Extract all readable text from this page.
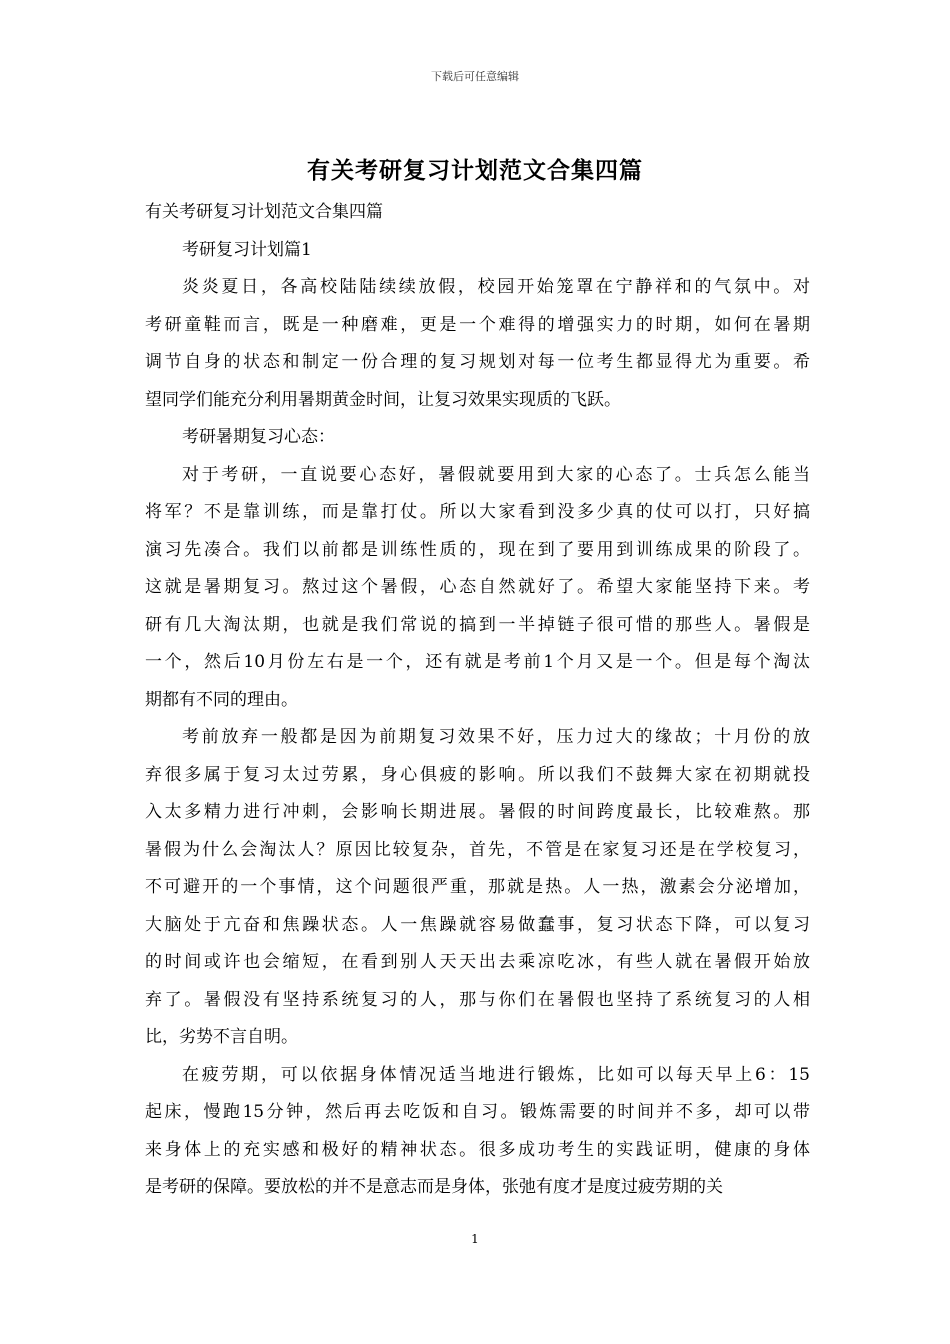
下载后可任意编辑
有关考研复习计划范文合集四篇

有关考研复习计划范文合集四篇

考研复习计划篇1

炎炎夏日，各高校陆陆续续放假，校园开始笼罩在宁静祥和的气氛中。对
考研童鞋而言，既是一种磨难，更是一个难得的增强实力的时期，如何在暑期
调节自身的状态和制定一份合理的复习规划对每一位考生都显得尤为重要。希
望同学们能充分利用暑期黄金时间，让复习效果实现质的飞跃。

考研暑期复习心态：

对于考研，一直说要心态好，暑假就要用到大家的心态了。士兵怎么能当
将军？不是靠训练，而是靠打仗。所以大家看到没多少真的仗可以打，只好搞
演习先凑合。我们以前都是训练性质的，现在到了要用到训练成果的阶段了。
这就是暑期复习。熬过这个暑假，心态自然就好了。希望大家能坚持下来。考
研有几大淘汰期，也就是我们常说的搞到一半掉链子很可惜的那些人。暑假是
一个，然后10月份左右是一个，还有就是考前1个月又是一个。但是每个淘汰
期都有不同的理由。

考前放弃一般都是因为前期复习效果不好，压力过大的缘故；十月份的放
弃很多属于复习太过劳累，身心俱疲的影响。所以我们不鼓舞大家在初期就投
入太多精力进行冲刺，会影响长期进展。暑假的时间跨度最长，比较难熬。那
暑假为什么会淘汰人？原因比较复杂，首先，不管是在家复习还是在学校复习，
不可避开的一个事情，这个问题很严重，那就是热。人一热，激素会分泌增加，
大脑处于亢奋和焦躁状态。人一焦躁就容易做蠢事，复习状态下降，可以复习
的时间或许也会缩短，在看到别人天天出去乘凉吃冰，有些人就在暑假开始放
弃了。暑假没有坚持系统复习的人，那与你们在暑假也坚持了系统复习的人相
比，劣势不言自明。

在疲劳期，可以依据身体情况适当地进行锻炼，比如可以每天早上6：15
起床，慢跑15分钟，然后再去吃饭和自习。锻炼需要的时间并不多，却可以带
来身体上的充实感和极好的精神状态。很多成功考生的实践证明，健康的身体
是考研的保障。要放松的并不是意志而是身体，张弛有度才是度过疲劳期的关

1
